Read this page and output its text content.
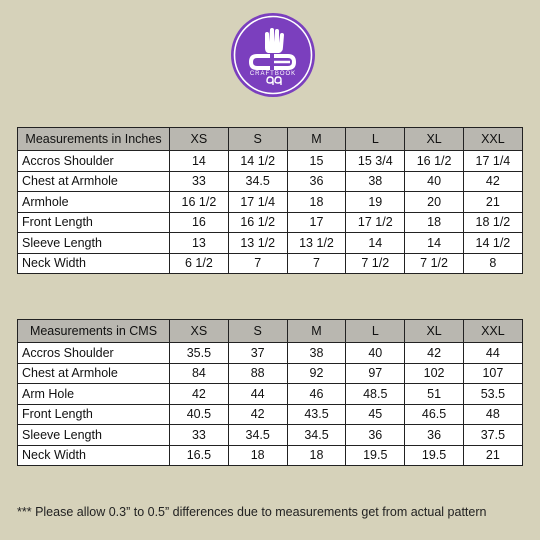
CRAFTBOOK
Measurements in Inches	XS	S	M	L	XL	XXL
Accros Shoulder	14	14 1/2	15	15 3/4	16 1/2	17 1/4
Chest at Armhole	33	34.5	36	38	40	42
Armhole	16 1/2	17 1/4	18	19	20	21
Front Length	16	16 1/2	17	17 1/2	18	18 1/2
Sleeve Length	13	13 1/2	13 1/2	14	14	14 1/2
Neck Width	6 1/2	7	7	7 1/2	7 1/2	8
Measurements in CMS	XS	S	M	L	XL	XXL
Accros Shoulder	35.5	37	38	40	42	44
Chest at Armhole	84	88	92	97	102	107
Arm Hole	42	44	46	48.5	51	53.5
Front Length	40.5	42	43.5	45	46.5	48
Sleeve Length	33	34.5	34.5	36	36	37.5
Neck Width	16.5	18	18	19.5	19.5	21
*** Please allow 0.3” to 0.5” differences due to measurements get from actual pattern
